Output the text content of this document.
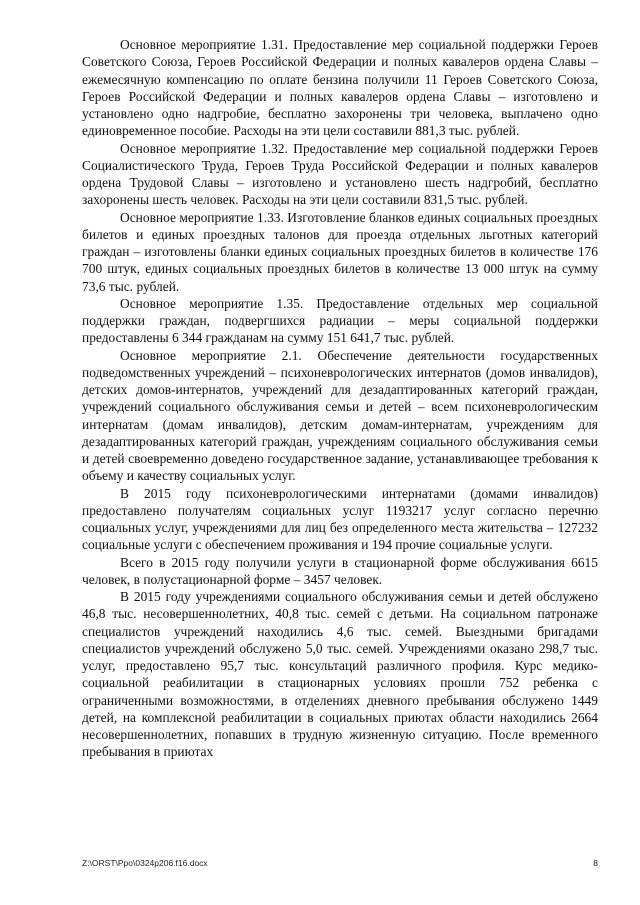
Основное мероприятие 1.31. Предоставление мер социальной поддержки Героев Советского Союза, Героев Российской Федерации и полных кавалеров ордена Славы – ежемесячную компенсацию по оплате бензина получили 11 Героев Советского Союза, Героев Российской Федерации и полных кавалеров ордена Славы – изготовлено и установлено одно надгробие, бесплатно захоронены три человека, выплачено одно единовременное пособие. Расходы на эти цели составили 881,3 тыс. рублей.

Основное мероприятие 1.32. Предоставление мер социальной поддержки Героев Социалистического Труда, Героев Труда Российской Федерации и полных кавалеров ордена Трудовой Славы – изготовлено и установлено шесть надгробий, бесплатно захоронены шесть человек. Расходы на эти цели составили 831,5 тыс. рублей.

Основное мероприятие 1.33. Изготовление бланков единых социальных проездных билетов и единых проездных талонов для проезда отдельных льготных категорий граждан – изготовлены бланки единых социальных проездных билетов в количестве 176 700 штук, единых социальных проездных билетов в количестве 13 000 штук на сумму 73,6 тыс. рублей.

Основное мероприятие 1.35. Предоставление отдельных мер социальной поддержки граждан, подвергшихся радиации – меры социальной поддержки предоставлены 6 344 гражданам на сумму 151 641,7 тыс. рублей.

Основное мероприятие 2.1. Обеспечение деятельности государственных подведомственных учреждений – психоневрологических интернатов (домов инвалидов), детских домов-интернатов, учреждений для дезадаптированных категорий граждан, учреждений социального обслуживания семьи и детей – всем психоневрологическим интернатам (домам инвалидов), детским домам-интернатам, учреждениям для дезадаптированных категорий граждан, учреждениям социального обслуживания семьи и детей своевременно доведено государственное задание, устанавливающее требования к объему и качеству социальных услуг.

В 2015 году психоневрологическими интернатами (домами инвалидов) предоставлено получателям социальных услуг 1193217 услуг согласно перечню социальных услуг, учреждениями для лиц без определенного места жительства – 127232 социальные услуги с обеспечением проживания и 194 прочие социальные услуги.

Всего в 2015 году получили услуги в стационарной форме обслуживания 6615 человек, в полустационарной форме – 3457 человек.

В 2015 году учреждениями социального обслуживания семьи и детей обслужено 46,8 тыс. несовершеннолетних, 40,8 тыс. семей с детьми. На социальном патронаже специалистов учреждений находились 4,6 тыс. семей. Выездными бригадами специалистов учреждений обслужено 5,0 тыс. семей. Учреждениями оказано 298,7 тыс. услуг, предоставлено 95,7 тыс. консультаций различного профиля. Курс медико-социальной реабилитации в стационарных условиях прошли 752 ребенка с ограниченными возможностями, в отделениях дневного пребывания обслужено 1449 детей, на комплексной реабилитации в социальных приютах области находились 2664 несовершеннолетних, попавших в трудную жизненную ситуацию. После временного пребывания в приютах

Z:\ORST\Ppo\0324p206.f16.docx	8
